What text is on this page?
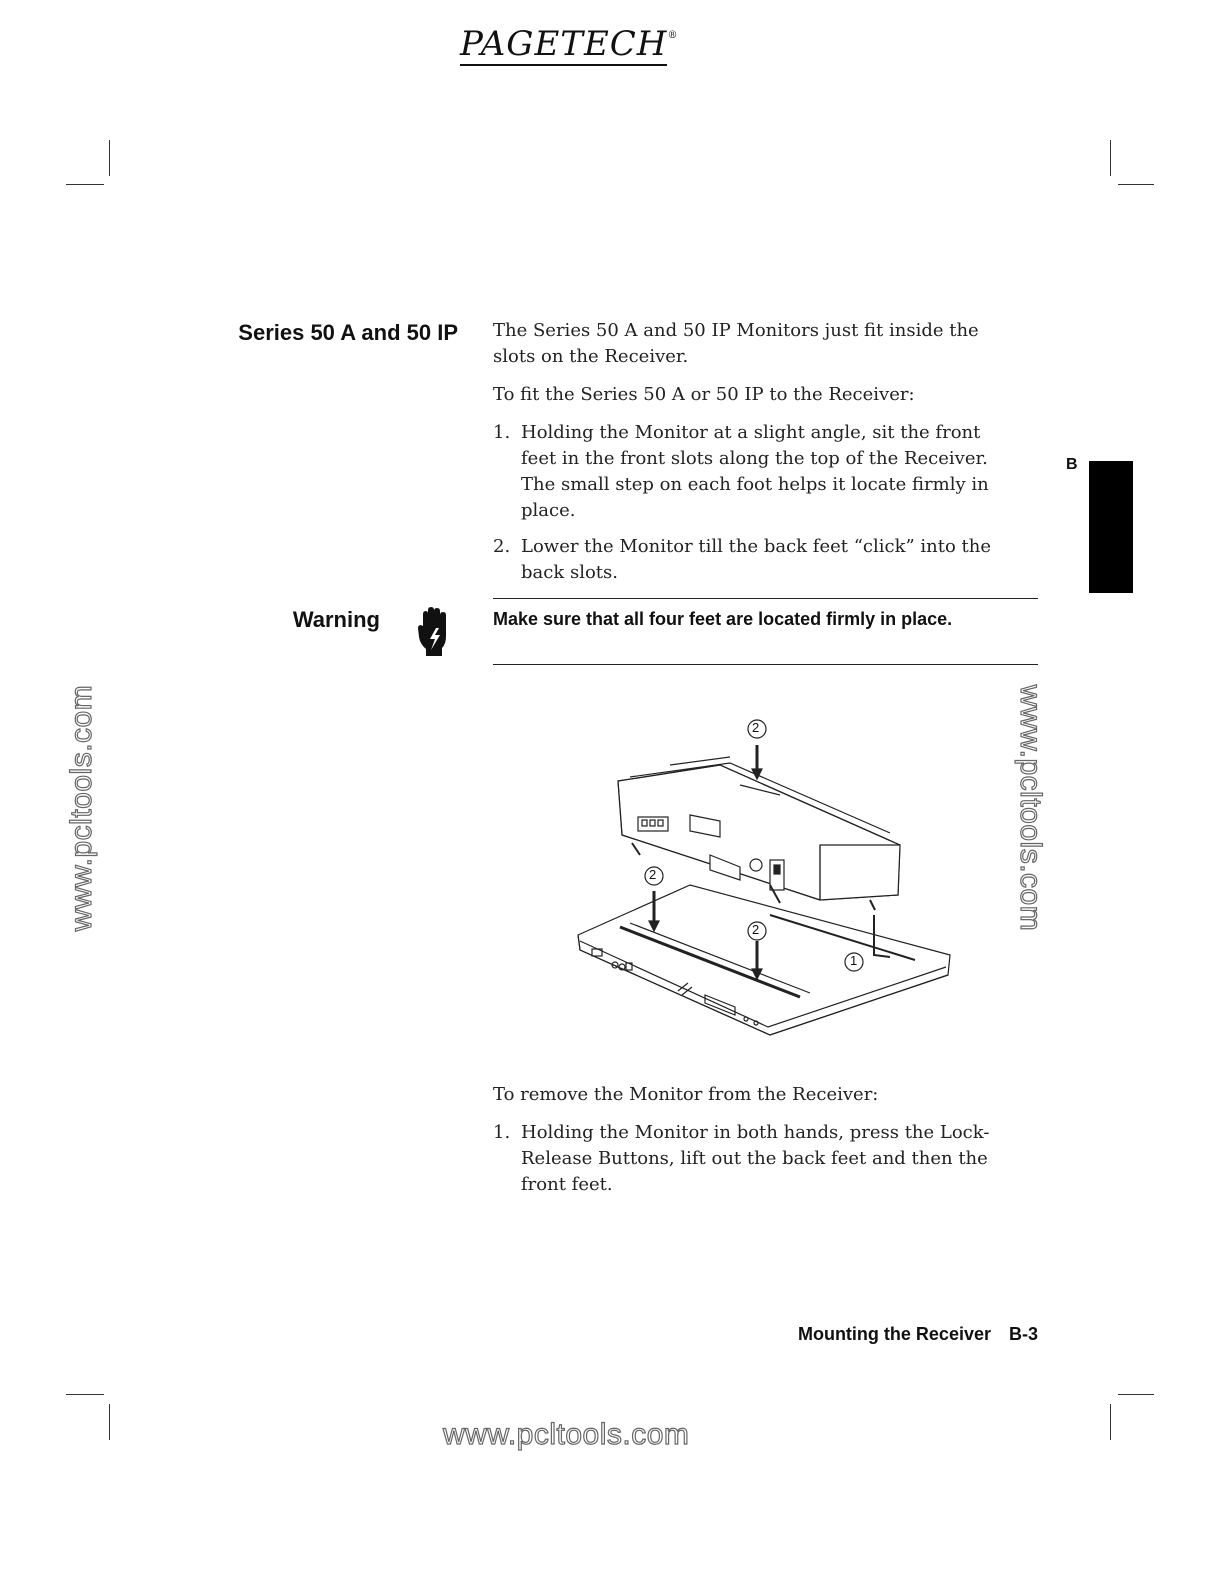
PAGETECH®
Series 50 A and 50 IP The Series 50 A and 50 IP Monitors just fit inside the slots on the Receiver.

To fit the Series 50 A or 50 IP to the Receiver:

1. Holding the Monitor at a slight angle, sit the front feet in the front slots along the top of the Receiver. The small step on each foot helps it locate firmly in place.
2. Lower the Monitor till the back feet “click” into the back slots.
Warning	Make sure that all four feet are located firmly in place.
2
2
2
1

To remove the Monitor from the Receiver:

1. Holding the Monitor in both hands, press the Lock-Release Buttons, lift out the back feet and then the front feet.
B
Mounting the Receiver B-3
www.pcltools.com	www.pcltools.com
www.pcltools.com
